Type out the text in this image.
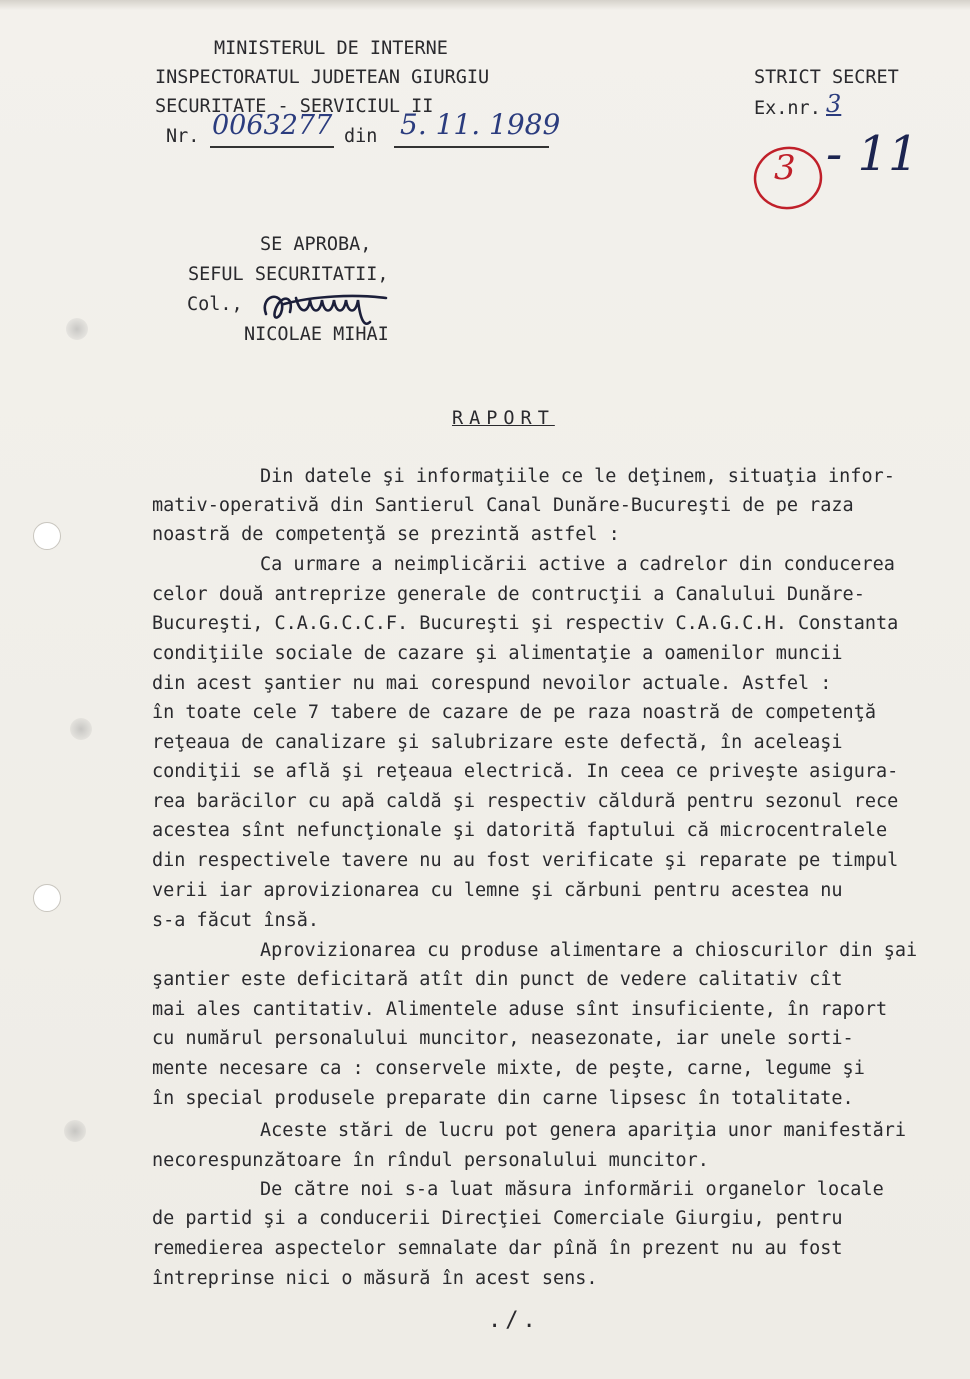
MINISTERUL DE INTERNE
INSPECTORATUL JUDETEAN GIURGIU
SECURITATE - SERVICIUL II
Nr. 0063277 din 5. 11. 1989
STRICT SECRET
Ex.nr. 3
3 - 11
SE APROBA,
SEFUL SECURITATII,
Col.,
NICOLAE MIHAI
RAPORT
Din datele şi informaţiile ce le deţinem, situaţia infor-
mativ-operativă din Santierul Canal Dunăre-Bucureşti de pe raza
noastră de competenţă se prezintă astfel :
Ca urmare a neimplicării active a cadrelor din conducerea
celor două antreprize generale de contrucţii a Canalului Dunăre-
Bucureşti, C.A.G.C.C.F. Bucureşti şi respectiv C.A.G.C.H. Constanta
condiţiile sociale de cazare şi alimentaţie a oamenilor muncii
din acest şantier nu mai corespund nevoilor actuale. Astfel :
în toate cele 7 tabere de cazare de pe raza noastră de competenţă
reţeaua de canalizare şi salubrizare este defectă, în aceleaşi
condiţii se află şi reţeaua electrică. In ceea ce priveşte asigura-
rea baräcilor cu apă caldă şi respectiv căldură pentru sezonul rece
acestea sînt nefuncţionale şi datorită faptului că microcentralele
din respectivele tavere nu au fost verificate şi reparate pe timpul
verii iar aprovizionarea cu lemne şi cărbuni pentru acestea nu
s-a făcut însă.
Aprovizionarea cu produse alimentare a chioscurilor din şai
şantier este deficitară atît din punct de vedere calitativ cît
mai ales cantitativ. Alimentele aduse sînt insuficiente, în raport
cu numărul personalului muncitor, neasezonate, iar unele sorti-
mente necesare ca : conservele mixte, de peşte, carne, legume şi
în special produsele preparate din carne lipsesc în totalitate.
Aceste stări de lucru pot genera apariţia unor manifestări
necorespunzătoare în rîndul personalului muncitor.
De către noi s-a luat măsura informării organelor locale
de partid şi a conducerii Direcţiei Comerciale Giurgiu, pentru
remedierea aspectelor semnalate dar pînă în prezent nu au fost
întreprinse nici o măsură în acest sens.
./.
